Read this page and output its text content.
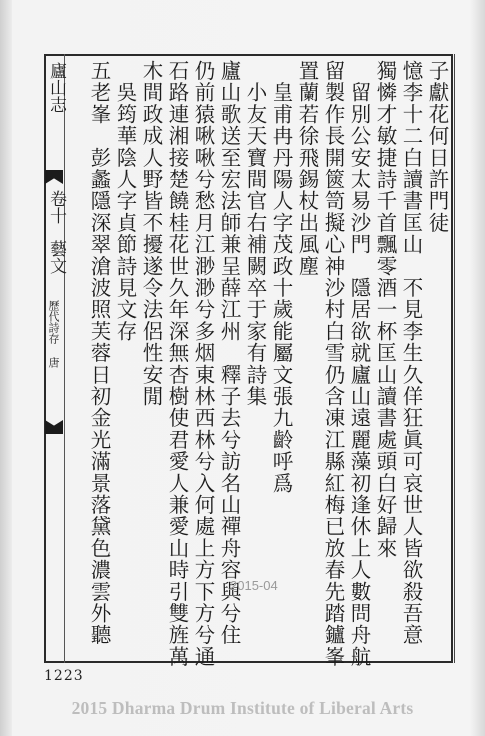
廬山志
卷十
藝文
歷代詩存 唐
子獻花何日許門徒
憶李十二白讀書匡山　不見李生久佯狂眞可哀世人皆欲殺吾意
獨憐才敏捷詩千首飄零酒一杯匡山讀書處頭白好歸來
　留別公安太易沙門　隱居欲就廬山遠麗藻初逢休上人數問舟航
留製作長開篋笥擬心神沙村白雪仍含凍江縣紅梅已放春先踏鑪峯
置蘭若徐飛錫杖出風塵
　皇甫冉丹陽人字茂政十歲能屬文張九齡呼爲
　小友天寶間官右補闕卒于家有詩集
廬山歌送至宏法師兼呈薛江州　釋子去兮訪名山禪舟容與兮住
仍前猿啾啾兮愁月江渺渺兮多烟東林西林兮入何處上方下方兮通
石路連湘接楚饒桂花世久年深無杏樹使君愛人兼愛山時引雙旌萬
木間政成人野皆不擾遂令法侶性安閒
　吳筠華陰人字貞節詩見文存
五老峯　彭蠡隱深翠滄波照芙蓉日初金光滿景落黛色濃雲外聽	2015-04
1223
2015 Dharma Drum Institute of Liberal Arts
